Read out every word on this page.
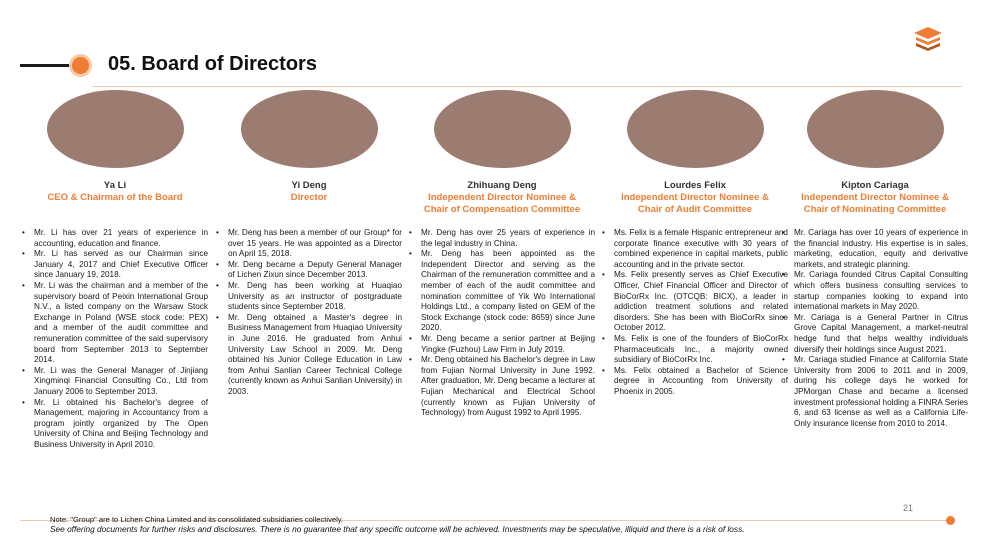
05. Board of Directors
Ya Li
CEO & Chairman of the Board
• Mr. Li has over 21 years of experience in accounting, education and finance.
• Mr. Li has served as our Chairman since January 4, 2017 and Chief Executive Officer since January 19, 2018.
• Mr. Li was the chairman and a member of the supervisory board of Peixin International Group N.V., a listed company on the Warsaw Stock Exchange in Poland (WSE stock code: PEX) and a member of the audit committee and remuneration committee of the said supervisory board from September 2013 to September 2014.
• Mr. Li was the General Manager of Jinjiang Xingminqi Financial Consulting Co., Ltd from January 2006 to September 2013.
• Mr. Li obtained his Bachelor's degree of Management, majoring in Accountancy from a program jointly organized by The Open University of China and Beijing Technology and Business University in April 2010.
Yi Deng
Director
• Mr. Deng has been a member of our Group* for over 15 years. He was appointed as a Director on April 15, 2018.
• Mr. Deng became a Deputy General Manager of Lichen Zixun since December 2013.
• Mr. Deng has been working at Huaqiao University as an instructor of postgraduate students since September 2018.
• Mr. Deng obtained a Master's degree in Business Management from Huaqiao University in June 2016. He graduated from Anhui University Law School in 2009. Mr. Deng obtained his Junior College Education in Law from Anhui Sanlian Career Technical College (currently known as Anhui Sanlian University) in 2003.
Zhihuang Deng
Independent Director Nominee &
Chair of Compensation Committee
• Mr. Deng has over 25 years of experience in the legal industry in China.
• Mr. Deng has been appointed as the Independent Director and serving as the Chairman of the remuneration committee and a member of each of the audit committee and nomination committee of Yik Wo International Holdings Ltd., a company listed on GEM of the Stock Exchange (stock code: 8659) since June 2020.
• Mr. Deng became a senior partner at Beijing Yingke (Fuzhou) Law Firm in July 2019.
• Mr. Deng obtained his Bachelor's degree in Law from Fujian Normal University in June 1992. After graduation, Mr. Deng became a lecturer at Fujian Mechanical and Electrical School (currently known as Fujian University of Technology) from August 1992 to April 1995.
Lourdes Felix
Independent Director Nominee &
Chair of Audit Committee
• Ms. Felix is a female Hispanic entrepreneur and corporate finance executive with 30 years of combined experience in capital markets, public accounting and in the private sector.
• Ms. Felix presently serves as Chief Executive Officer, Chief Financial Officer and Director of BioCorRx Inc. (OTCQB: BICX), a leader in addiction treatment solutions and related disorders. She has been with BioCorRx since October 2012.
• Ms. Felix is one of the founders of BioCorRx Pharmaceuticals Inc., a majority owned subsidiary of BioCorRx Inc.
• Ms. Felix obtained a Bachelor of Science degree in Accounting from University of Phoenix in 2005.
Kipton Cariaga
Independent Director Nominee &
Chair of Nominating Committee
• Mr. Cariaga has over 10 years of experience in the financial industry. His expertise is in sales, marketing, education, equity and derivative markets, and strategic planning.
• Mr. Cariaga founded Citrus Capital Consulting which offers business consulting services to startup companies looking to expand into international markets in May 2020.
• Mr. Cariaga is a General Partner in Citrus Grove Capital Management, a market-neutral hedge fund that helps wealthy individuals diversify their holdings since August 2021.
• Mr. Cariaga studied Finance at California State University from 2006 to 2011 and in 2009, during his college days he worked for JPMorgan Chase and became a licensed investment professional holding a FINRA Series 6, and 63 license as well as a California Life-Only insurance license from 2010 to 2014.
21
Note: "Group" are to Lichen China Limited and its consolidated subsidiaries collectively.
See offering documents for further risks and disclosures. There is no guarantee that any specific outcome will be achieved. Investments may be speculative, illiquid and there is a risk of loss.
